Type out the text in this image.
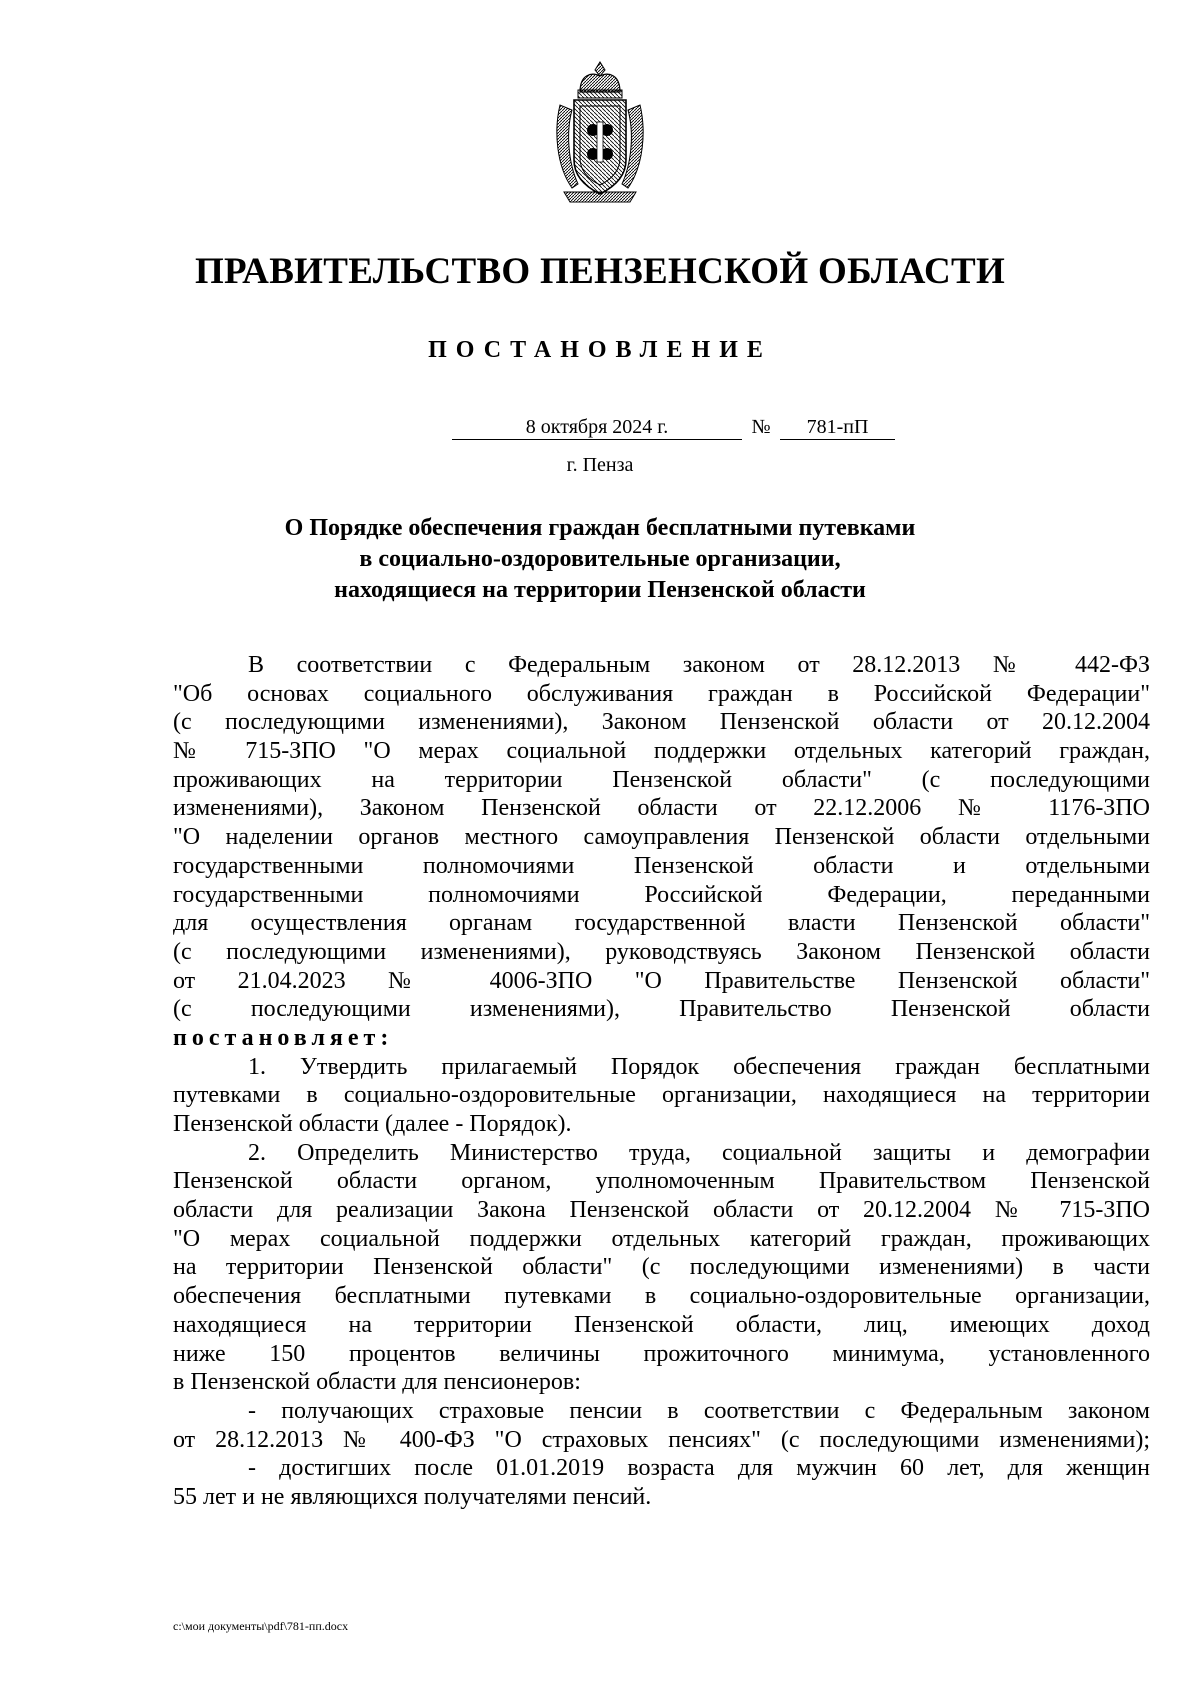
ПРАВИТЕЛЬСТВО ПЕНЗЕНСКОЙ ОБЛАСТИ
ПОСТАНОВЛЕНИЕ
8 октября 2024 г.	№	781-пП
г. Пенза
О Порядке обеспечения граждан бесплатными путевками
в социально-оздоровительные организации,
находящиеся на территории Пензенской области
В соответствии с Федеральным законом от 28.12.2013 № 442-ФЗ
"Об основах социального обслуживания граждан в Российской Федерации"
(с последующими изменениями), Законом Пензенской области от 20.12.2004
№ 715-ЗПО "О мерах социальной поддержки отдельных категорий граждан,
проживающих на территории Пензенской области" (с последующими
изменениями), Законом Пензенской области от 22.12.2006 № 1176-ЗПО
"О наделении органов местного самоуправления Пензенской области отдельными
государственными полномочиями Пензенской области и отдельными
государственными полномочиями Российской Федерации, переданными
для осуществления органам государственной власти Пензенской области"
(с последующими изменениями), руководствуясь Законом Пензенской области
от 21.04.2023 № 4006-ЗПО "О Правительстве Пензенской области"
(с последующими изменениями), Правительство Пензенской области
постановляет:
1. Утвердить прилагаемый Порядок обеспечения граждан бесплатными
путевками в социально-оздоровительные организации, находящиеся на территории
Пензенской области (далее - Порядок).
2. Определить Министерство труда, социальной защиты и демографии
Пензенской области органом, уполномоченным Правительством Пензенской
области для реализации Закона Пензенской области от 20.12.2004 № 715-ЗПО
"О мерах социальной поддержки отдельных категорий граждан, проживающих
на территории Пензенской области" (с последующими изменениями) в части
обеспечения бесплатными путевками в социально-оздоровительные организации,
находящиеся на территории Пензенской области, лиц, имеющих доход
ниже 150 процентов величины прожиточного минимума, установленного
в Пензенской области для пенсионеров:
- получающих страховые пенсии в соответствии с Федеральным законом
от 28.12.2013 № 400-ФЗ "О страховых пенсиях" (с последующими изменениями);
- достигших после 01.01.2019 возраста для мужчин 60 лет, для женщин
55 лет и не являющихся получателями пенсий.
c:\мои документы\pdf\781-пп.docx
